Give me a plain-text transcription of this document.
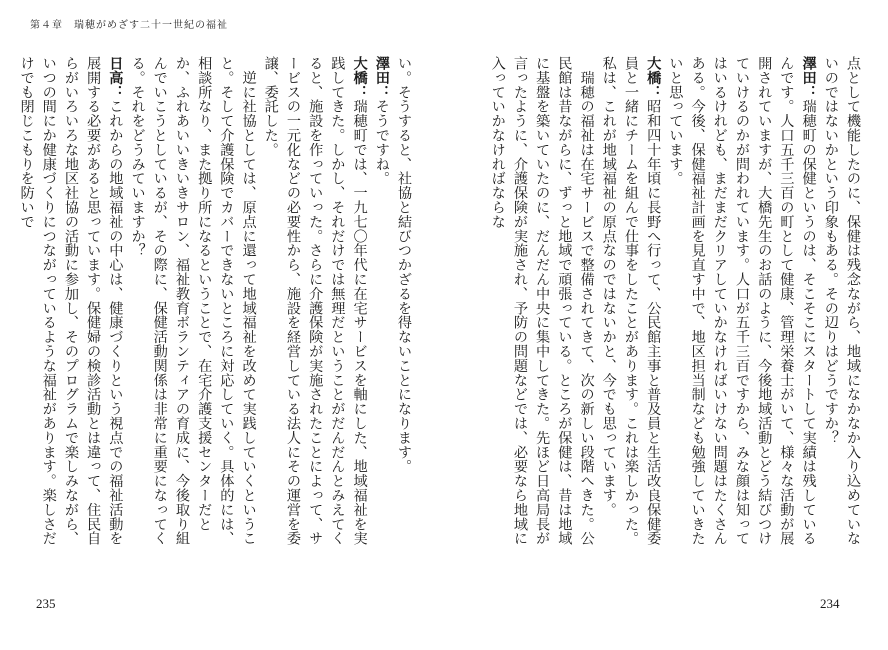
第４章　瑞穂がめざす二十一世紀の福祉

点として機能したのに、保健は残念ながら、地域になかなか入り込めていないのではないかという印象もある。その辺りはどうですか？

澤田：瑞穂町の保健というのは、そこそこにスタートして実績は残しているんです。人口五千三百の町として健康、管理栄養士がいて、様々な活動が展開されていますが、大橋先生のお話のように、今後地域活動とどう結びつけていけるのかが問われています。人口が五千三百ですから、みな顔は知ってはいるけれども、まだまだクリアしていかなければいけない問題はたくさんある。今後、保健福祉計画を見直す中で、地区担当制なども勉強していきたいと思っています。

大橋：昭和四十年頃に長野へ行って、公民館主事と普及員と生活改良保健委員と一緒にチームを組んで仕事をしたことがあります。これは楽しかった。私は、これが地域福祉の原点なのではないかと、今でも思っています。

　瑞穂の福祉は在宅サービスで整備されてきて、次の新しい段階へきた。公民館は昔ながらに、ずっと地域で頑張っている。ところが保健は、昔は地域に基盤を築いていたのに、だんだん中央に集中してきた。先ほど日高局長が言ったように、介護保険が実施され、予防の問題などでは、必要なら地域に入っていかなければならな

い。そうすると、社協と結びつかざるを得ないことになります。

澤田：そうですね。

大橋：瑞穂町では、一九七〇年代に在宅サービスを軸にした、地域福祉を実践してきた。しかし、それだけでは無理だということがだんだんとみえてくると、施設を作っていった。さらに介護保険が実施されたことによって、サービスの一元化などの必要性から、施設を経営している法人にその運営を委譲、委託した。

　逆に社協としては、原点に還って地域福祉を改めて実践していくということ。そして介護保険でカバーできないところに対応していく。具体的には、相談所なり、また拠り所になるということで、在宅介護支援センターだとか、ふれあいいきいきサロン、福祉教育ボランティアの育成に、今後取り組んでいこうとしているが、その際に、保健活動関係は非常に重要になってくる。それをどうみていますか？

日高：これからの地域福祉の中心は、健康づくりという視点での福祉活動を展開する必要があると思っています。保健婦の検診活動とは違って、住民自らがいろいろな地区社協の活動に参加し、そのプログラムで楽しみながら、いつの間にか健康づくりにつながっているような福祉があります。楽しさだけでも閉じこもりを防いで

235	234
